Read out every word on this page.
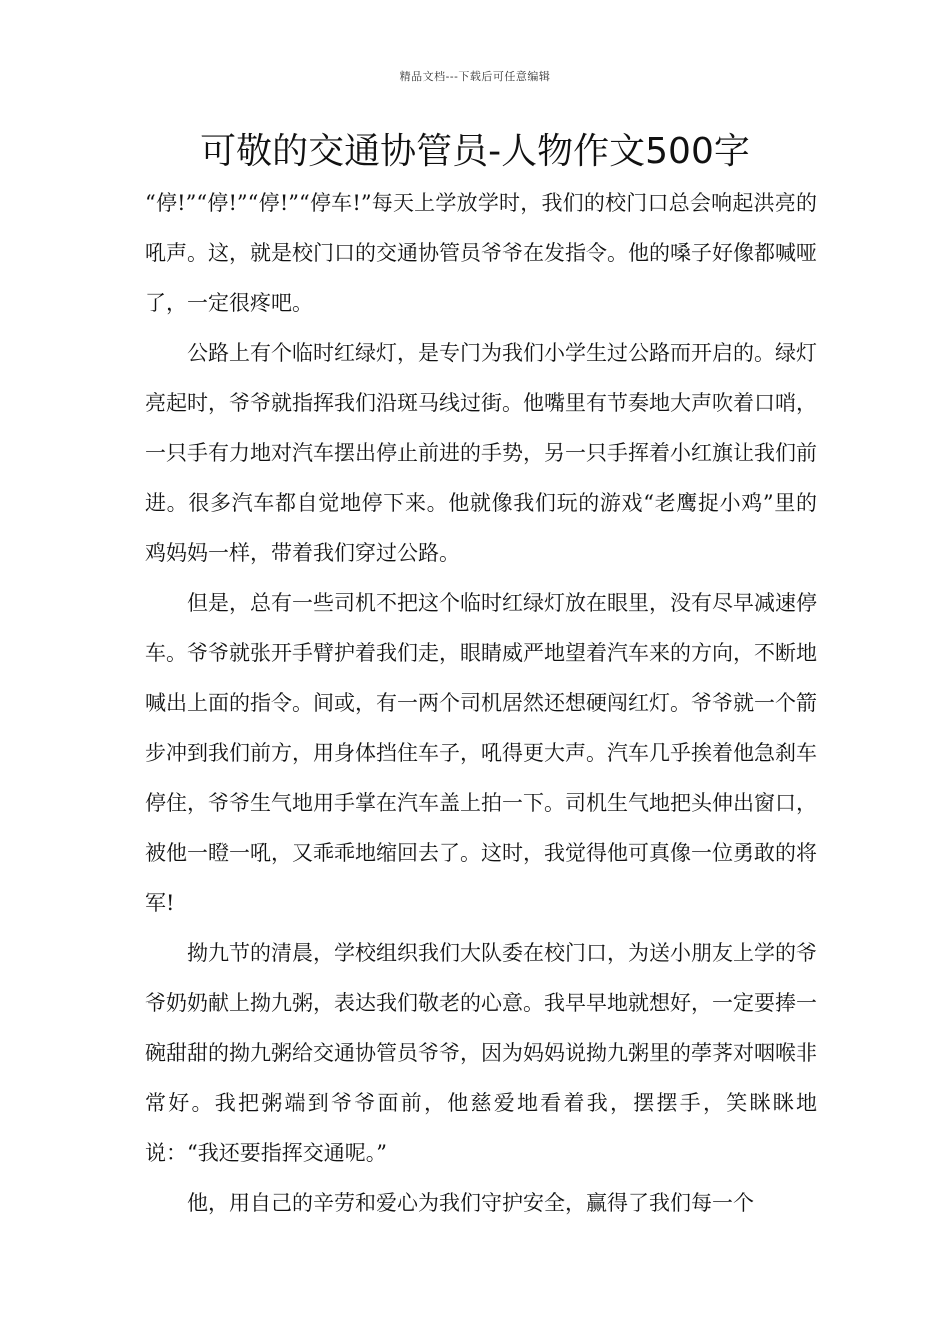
精品文档---下载后可任意编辑
可敬的交通协管员-人物作文500字

“停!”“停!”“停!”“停车!”每天上学放学时，我们的校门口总会响起洪亮的吼声。这，就是校门口的交通协管员爷爷在发指令。他的嗓子好像都喊哑了，一定很疼吧。

公路上有个临时红绿灯，是专门为我们小学生过公路而开启的。绿灯亮起时，爷爷就指挥我们沿斑马线过街。他嘴里有节奏地大声吹着口哨，一只手有力地对汽车摆出停止前进的手势，另一只手挥着小红旗让我们前进。很多汽车都自觉地停下来。他就像我们玩的游戏“老鹰捉小鸡”里的鸡妈妈一样，带着我们穿过公路。

但是，总有一些司机不把这个临时红绿灯放在眼里，没有尽早减速停车。爷爷就张开手臂护着我们走，眼睛威严地望着汽车来的方向，不断地喊出上面的指令。间或，有一两个司机居然还想硬闯红灯。爷爷就一个箭步冲到我们前方，用身体挡住车子，吼得更大声。汽车几乎挨着他急刹车停住，爷爷生气地用手掌在汽车盖上拍一下。司机生气地把头伸出窗口，被他一瞪一吼，又乖乖地缩回去了。这时，我觉得他可真像一位勇敢的将军!

拗九节的清晨，学校组织我们大队委在校门口，为送小朋友上学的爷爷奶奶献上拗九粥，表达我们敬老的心意。我早早地就想好，一定要捧一碗甜甜的拗九粥给交通协管员爷爷，因为妈妈说拗九粥里的荸荠对咽喉非常好。我把粥端到爷爷面前，他慈爱地看着我，摆摆手，笑眯眯地说：“我还要指挥交通呢。”

他，用自己的辛劳和爱心为我们守护安全，赢得了我们每一个
